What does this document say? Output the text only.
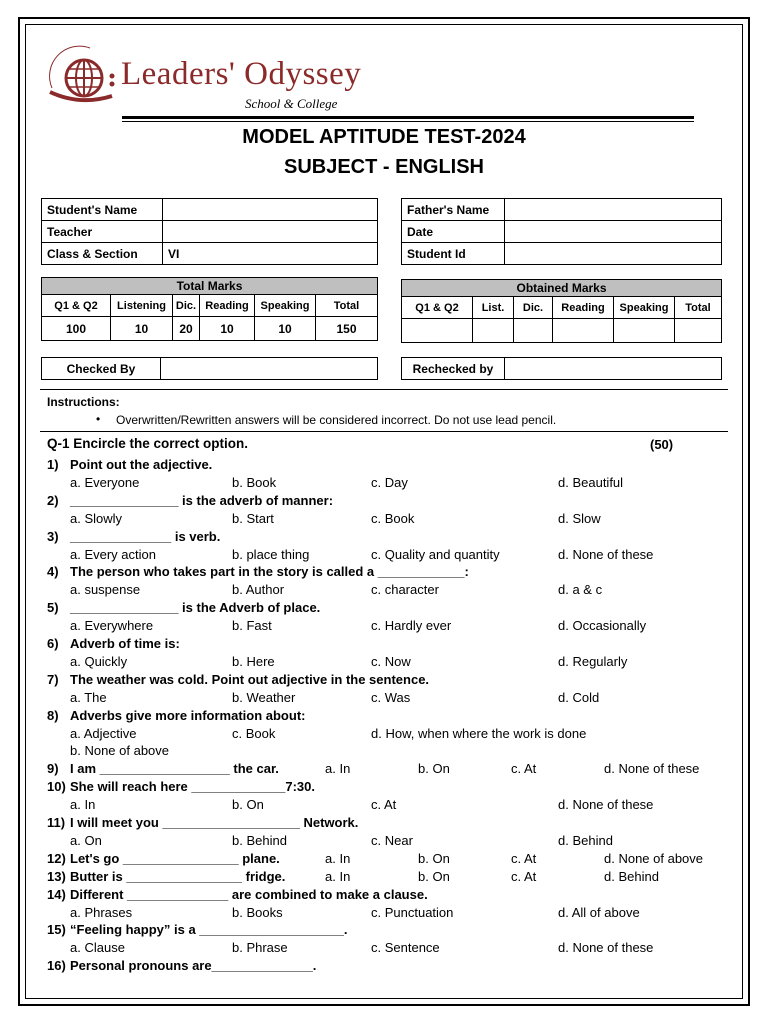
Leaders' Odyssey
School & College
MODEL APTITUDE TEST-2024
SUBJECT - ENGLISH
Student's Name	
Teacher	
Class & Section	VI
Father's Name	
Date	
Student Id	
Total Marks					
Q1 & Q2	Listening	Dic.	Reading	Speaking	Total
100	10	20	10	10	150
Obtained Marks					
Q1 & Q2	List.	Dic.	Reading	Speaking	Total

Checked By		Rechecked by	
Instructions:
• Overwritten/Rewritten answers will be considered incorrect. Do not use lead pencil.
Q-1 Encircle the correct option.	(50)
1) Point out the adjective.
a. Everyone	b. Book	c. Day	d. Beautiful
2) _______________ is the adverb of manner:
a. Slowly	b. Start	c. Book	d. Slow
3) ______________ is verb.
a. Every action	b. place thing	c. Quality and quantity	d. None of these
4) The person who takes part in the story is called a ____________:
a. suspense	b. Author	c. character	d. a & c
5) _______________ is the Adverb of place.
a. Everywhere	b. Fast	c. Hardly ever	d. Occasionally
6) Adverb of time is:
a. Quickly	b. Here	c. Now	d. Regularly
7) The weather was cold. Point out adjective in the sentence.
a. The	b. Weather	c. Was	d. Cold
8) Adverbs give more information about:
a. Adjective	c. Book	d. How, when where the work is done
b. None of above
9) I am __________________ the car.	a. In	b. On	c. At	d. None of these
10) She will reach here _____________7:30.
a. In	b. On	c. At	d. None of these
11) I will meet you ___________________ Network.
a. On	b. Behind	c. Near	d. Behind
12) Let's go ________________ plane.	a. In	b. On	c. At	d. None of above
13) Butter is ________________ fridge.	a. In	b. On	c. At	d. Behind
14) Different ______________ are combined to make a clause.
a. Phrases	b. Books	c. Punctuation	d. All of above
15) “Feeling happy” is a ____________________.
a. Clause	b. Phrase	c. Sentence	d. None of these
16) Personal pronouns are______________.
